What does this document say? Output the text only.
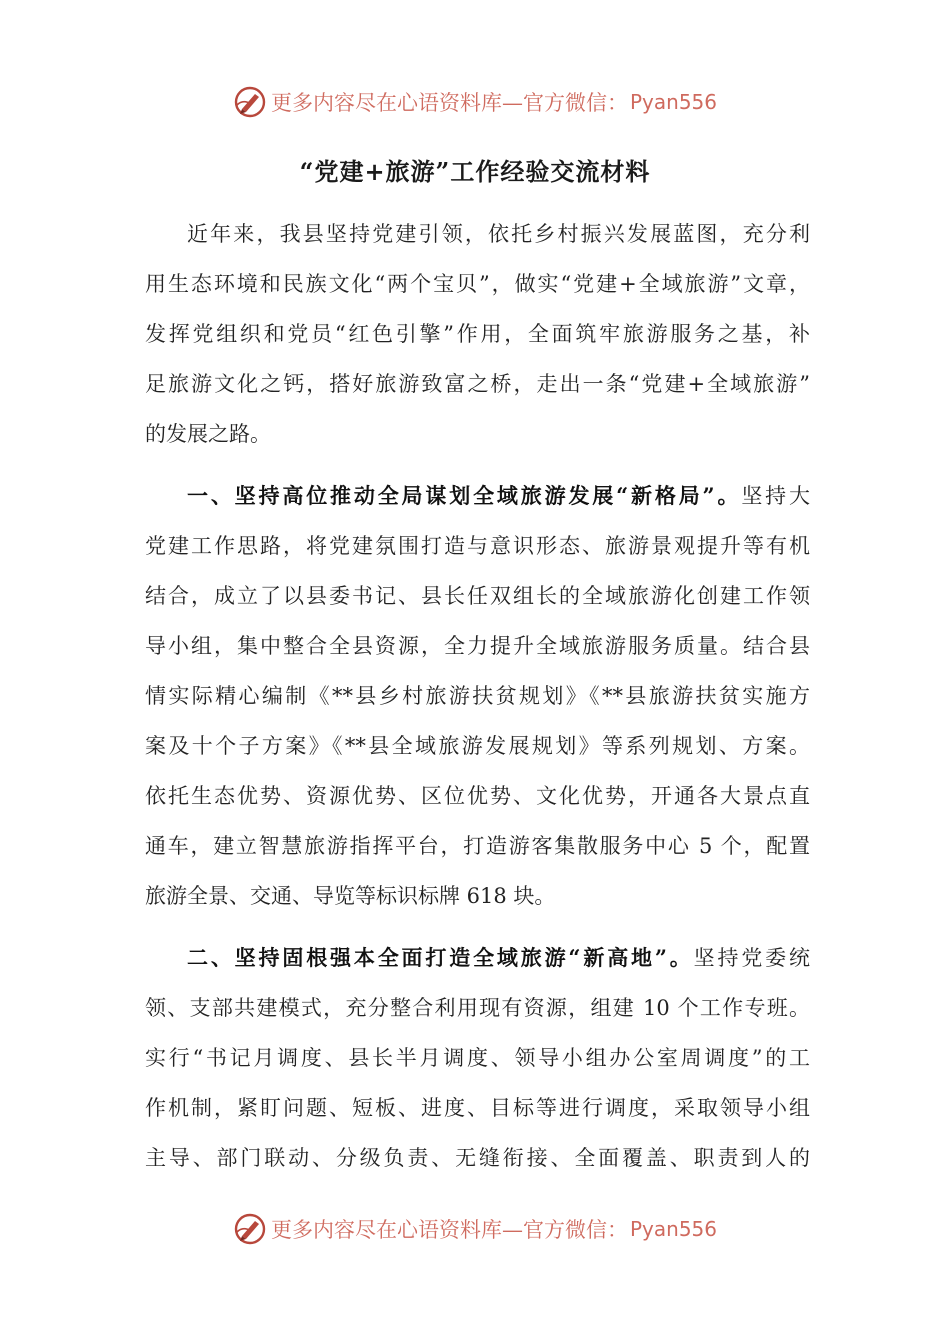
更多内容尽在心语资料库—官方微信： Pyan556
“党建+旅游”工作经验交流材料
近年来，我县坚持党建引领，依托乡村振兴发展蓝图，充分利
用生态环境和民族文化“两个宝贝”，做实“党建+全域旅游”文章，
发挥党组织和党员“红色引擎”作用，全面筑牢旅游服务之基，补
足旅游文化之钙，搭好旅游致富之桥，走出一条“党建+全域旅游”
的发展之路。
一、坚持高位推动全局谋划全域旅游发展“新格局”。坚持大
党建工作思路，将党建氛围打造与意识形态、旅游景观提升等有机
结合，成立了以县委书记、县长任双组长的全域旅游化创建工作领
导小组，集中整合全县资源，全力提升全域旅游服务质量。结合县
情实际精心编制《**县乡村旅游扶贫规划》《**县旅游扶贫实施方
案及十个子方案》《**县全域旅游发展规划》等系列规划、方案。
依托生态优势、资源优势、区位优势、文化优势，开通各大景点直
通车，建立智慧旅游指挥平台，打造游客集散服务中心 5 个，配置
旅游全景、交通、导览等标识标牌 618 块。
二、坚持固根强本全面打造全域旅游“新高地”。坚持党委统
领、支部共建模式，充分整合利用现有资源，组建 10 个工作专班。
实行“书记月调度、县长半月调度、领导小组办公室周调度”的工
作机制，紧盯问题、短板、进度、目标等进行调度，采取领导小组
主导、部门联动、分级负责、无缝衔接、全面覆盖、职责到人的
更多内容尽在心语资料库—官方微信： Pyan556
